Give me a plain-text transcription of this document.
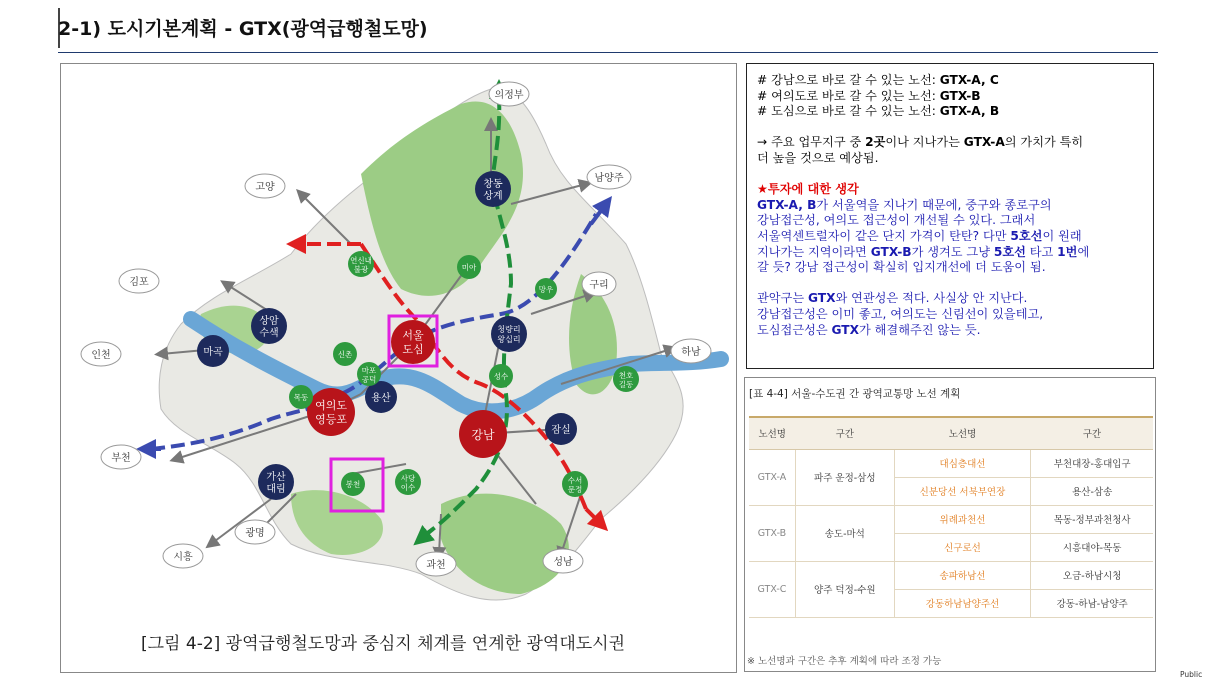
2-1) 도시기본계획 - GTX(광역급행철도망)
의정부
고양
남양주
김포	구리
인천	하남
부천
광명
시흥
과천	성남
상암
수색
마곡
창동
상계
청량리
왕십리
용산
잠실
가산
대림
서울
도심
여의도
영등포
강남
연신내
불광	미아
망우
신촌
마포
공덕
목동
성수	천호
길동
봉천
사당
이수
수서
문정
[그림 4-2] 광역급행철도망과 중심지 체계를 연계한 광역대도시권

# 강남으로 바로 갈 수 있는 노선: GTX-A, C

# 여의도로 바로 갈 수 있는 노선: GTX-B

# 도심으로 바로 갈 수 있는 노선: GTX-A, B

→ 주요 업무지구 중 2곳이나 지나가는 GTX-A의 가치가 특히

더 높을 것으로 예상됨.

★투자에 대한 생각

GTX-A, B가 서울역을 지나기 때문에, 중구와 종로구의

강남접근성, 여의도 접근성이 개선될 수 있다. 그래서

서울역센트럴자이 같은 단지 가격이 탄탄? 다만 5호선이 원래

지나가는 지역이라면 GTX-B가 생겨도 그냥 5호선 타고 1번에

갈 듯? 강남 접근성이 확실히 입지개선에 더 도움이 됨.

관악구는 GTX와 연관성은 적다. 사실상 안 지난다.

강남접근성은 이미 좋고, 여의도는 신림선이 있을테고,

도심접근성은 GTX가 해결해주진 않는 듯.

[표 4-4] 서울-수도권 간 광역교통망 노선 계획
노선명	구간	노선명	구간
GTX-A	파주 운정-삼성	대심층대선	부천대장-홍대입구
		신분당선 서북부연장	용산-삼송
GTX-B	송도-마석	위례과천선	목동-정부과천청사
		신구로선	시흥대야-목동
GTX-C	양주 덕정-수원	송파하남선	오금-하남시청
		강동하남남양주선	강동-하남-남양주
※ 노선명과 구간은 추후 계획에 따라 조정 가능
Public
